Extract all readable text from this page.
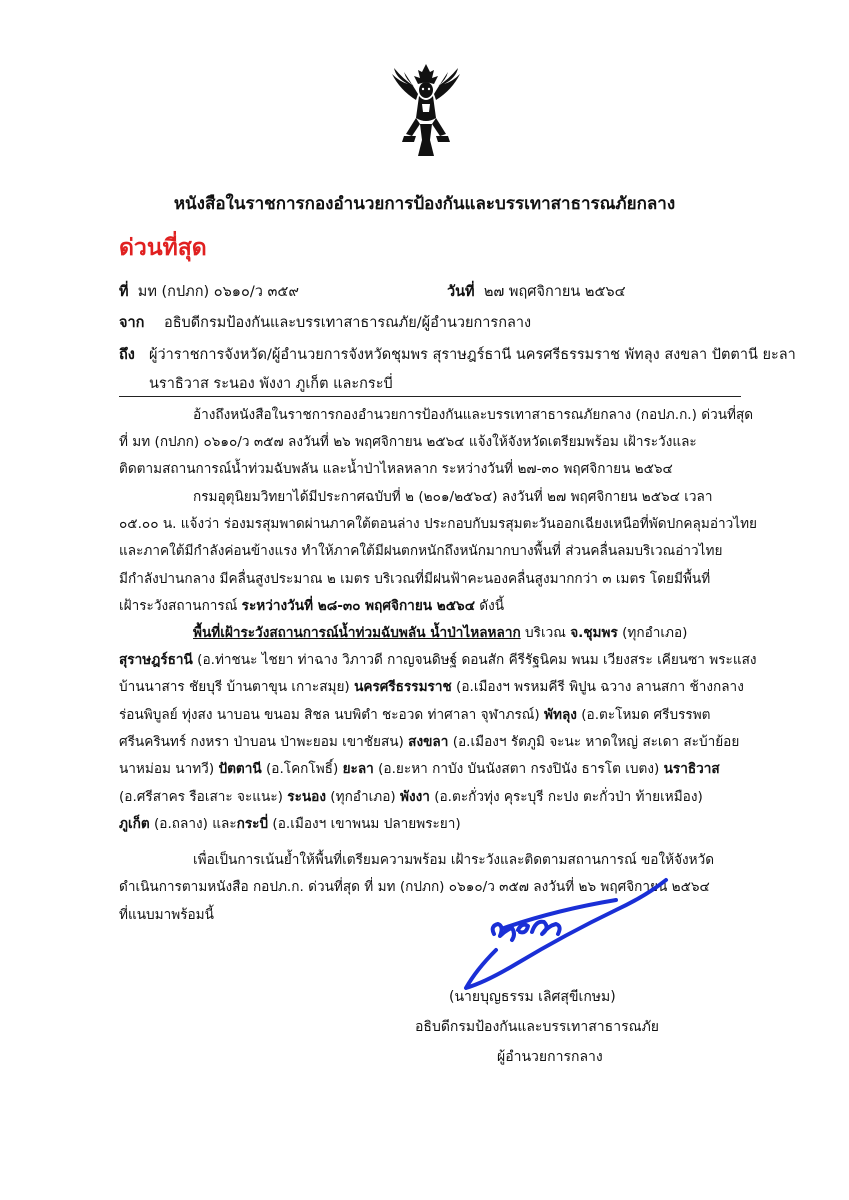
หนังสือในราชการกองอำนวยการป้องกันและบรรเทาสาธารณภัยกลาง
ด่วนที่สุด
ที่ มท (กปภก) ๐๖๑๐/ว ๓๕๙	วันที่ ๒๗ พฤศจิกายน ๒๕๖๔
จาก อธิบดีกรมป้องกันและบรรเทาสาธารณภัย/ผู้อำนวยการกลาง
ถึง ผู้ว่าราชการจังหวัด/ผู้อำนวยการจังหวัดชุมพร สุราษฎร์ธานี นครศรีธรรมราช พัทลุง สงขลา ปัตตานี ยะลา
นราธิวาส ระนอง พังงา ภูเก็ต และกระบี่
อ้างถึงหนังสือในราชการกองอำนวยการป้องกันและบรรเทาสาธารณภัยกลาง (กอปภ.ก.) ด่วนที่สุด
ที่ มท (กปภก) ๐๖๑๐/ว ๓๕๗ ลงวันที่ ๒๖ พฤศจิกายน ๒๕๖๔ แจ้งให้จังหวัดเตรียมพร้อม เฝ้าระวังและ
ติดตามสถานการณ์น้ำท่วมฉับพลัน และน้ำป่าไหลหลาก ระหว่างวันที่ ๒๗-๓๐ พฤศจิกายน ๒๕๖๔
กรมอุตุนิยมวิทยาได้มีประกาศฉบับที่ ๒ (๒๐๑/๒๕๖๔) ลงวันที่ ๒๗ พฤศจิกายน ๒๕๖๔ เวลา
๐๕.๐๐ น. แจ้งว่า ร่องมรสุมพาดผ่านภาคใต้ตอนล่าง ประกอบกับมรสุมตะวันออกเฉียงเหนือที่พัดปกคลุมอ่าวไทย
และภาคใต้มีกำลังค่อนข้างแรง ทำให้ภาคใต้มีฝนตกหนักถึงหนักมากบางพื้นที่ ส่วนคลื่นลมบริเวณอ่าวไทย
มีกำลังปานกลาง มีคลื่นสูงประมาณ ๒ เมตร บริเวณที่มีฝนฟ้าคะนองคลื่นสูงมากกว่า ๓ เมตร โดยมีพื้นที่
เฝ้าระวังสถานการณ์ ระหว่างวันที่ ๒๘-๓๐ พฤศจิกายน ๒๕๖๔ ดังนี้
พื้นที่เฝ้าระวังสถานการณ์น้ำท่วมฉับพลัน น้ำป่าไหลหลาก บริเวณ จ.ชุมพร (ทุกอำเภอ)
สุราษฎร์ธานี (อ.ท่าชนะ ไชยา ท่าฉาง วิภาวดี กาญจนดิษฐ์ ดอนสัก คีรีรัฐนิคม พนม เวียงสระ เคียนซา พระแสง
บ้านนาสาร ชัยบุรี บ้านตาขุน เกาะสมุย) นครศรีธรรมราช (อ.เมืองฯ พรหมคีรี พิปูน ฉวาง ลานสกา ช้างกลาง
ร่อนพิบูลย์ ทุ่งสง นาบอน ขนอม สิชล นบพิตำ ชะอวด ท่าศาลา จุฬาภรณ์) พัทลุง (อ.ตะโหมด ศรีบรรพต
ศรีนครินทร์ กงหรา ป่าบอน ป่าพะยอม เขาชัยสน) สงขลา (อ.เมืองฯ รัตภูมิ จะนะ หาดใหญ่ สะเดา สะบ้าย้อย
นาหม่อม นาทวี) ปัตตานี (อ.โคกโพธิ์) ยะลา (อ.ยะหา กาบัง บันนังสตา กรงปินัง ธารโต เบตง) นราธิวาส
(อ.ศรีสาคร รือเสาะ จะแนะ) ระนอง (ทุกอำเภอ) พังงา (อ.ตะกั่วทุ่ง คุระบุรี กะปง ตะกั่วป่า ท้ายเหมือง)
ภูเก็ต (อ.ถลาง) และกระบี่ (อ.เมืองฯ เขาพนม ปลายพระยา)
เพื่อเป็นการเน้นย้ำให้พื้นที่เตรียมความพร้อม เฝ้าระวังและติดตามสถานการณ์ ขอให้จังหวัด
ดำเนินการตามหนังสือ กอปภ.ก. ด่วนที่สุด ที่ มท (กปภก) ๐๖๑๐/ว ๓๕๗ ลงวันที่ ๒๖ พฤศจิกายน ๒๕๖๔
ที่แนบมาพร้อมนี้
(นายบุญธรรม เลิศสุขีเกษม)
อธิบดีกรมป้องกันและบรรเทาสาธารณภัย
ผู้อำนวยการกลาง
